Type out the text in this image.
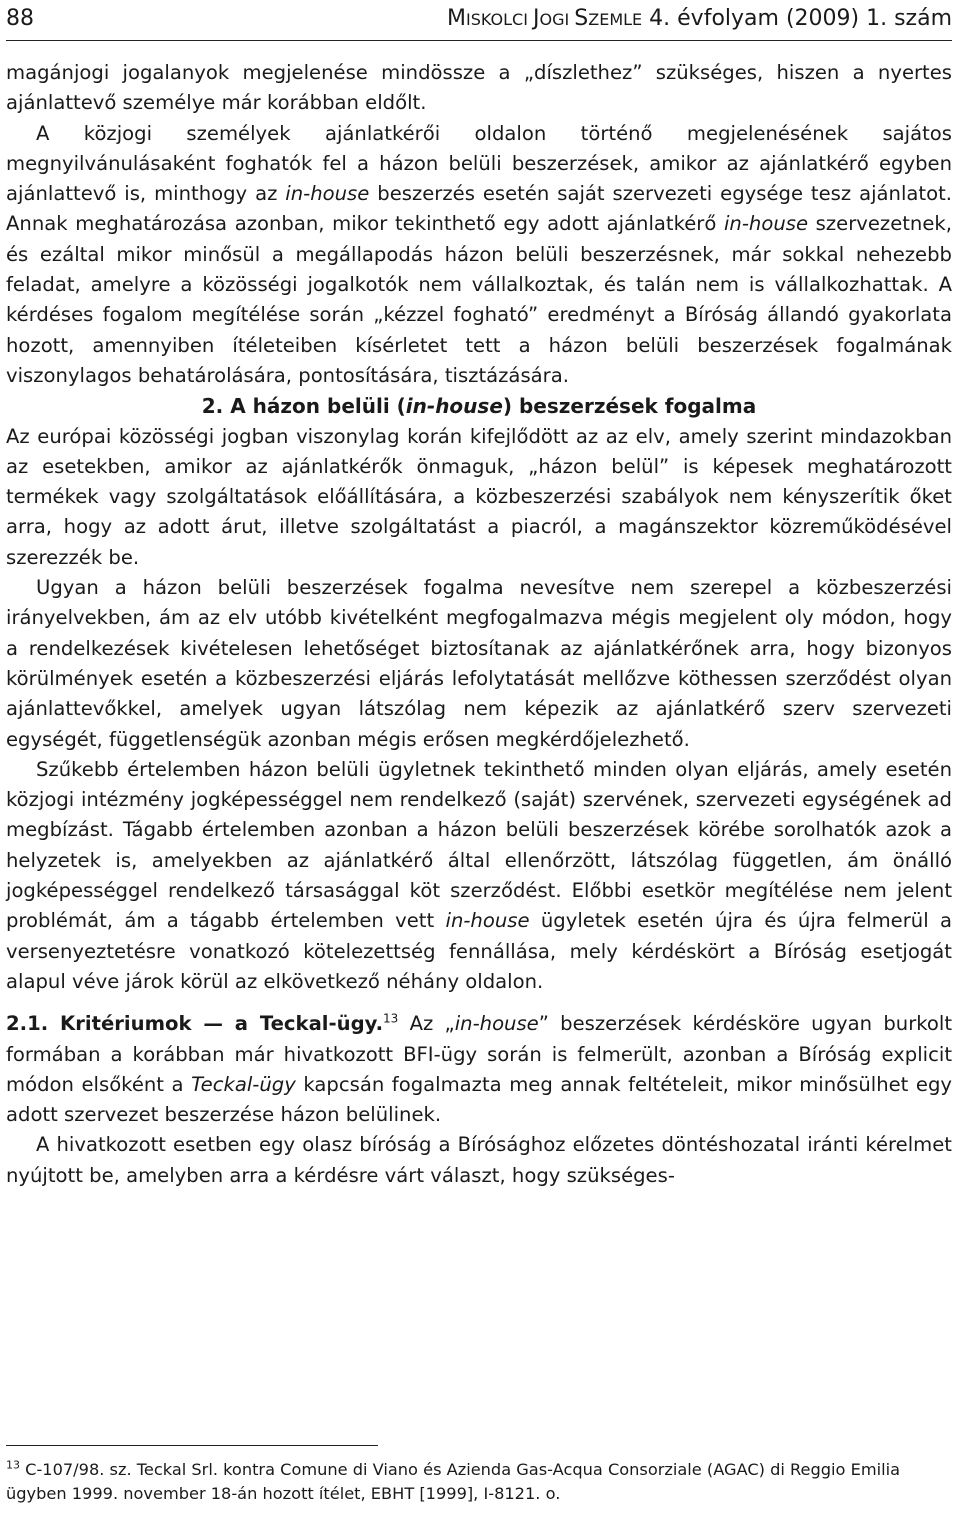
88	MISKOLCI JOGI SZEMLE 4. évfolyam (2009) 1. szám

magánjogi jogalanyok megjelenése mindössze a „díszlethez” szükséges, hiszen a nyertes ajánlattevő személye már korábban eldőlt.

A közjogi személyek ajánlatkérői oldalon történő megjelenésének sajátos megnyilvánulásaként foghatók fel a házon belüli beszerzések, amikor az ajánlatkérő egyben ajánlattevő is, minthogy az in-house beszerzés esetén saját szervezeti egysége tesz ajánlatot. Annak meghatározása azonban, mikor tekinthető egy adott ajánlatkérő in-house szervezetnek, és ezáltal mikor minősül a megállapodás házon belüli beszerzésnek, már sokkal nehezebb feladat, amelyre a közösségi jogalkotók nem vállalkoztak, és talán nem is vállalkozhattak. A kérdéses fogalom megítélése során „kézzel fogható” eredményt a Bíróság állandó gyakorlata hozott, amennyiben ítéleteiben kísérletet tett a házon belüli beszerzések fogalmának viszonylagos behatárolására, pontosítására, tisztázására.

2. A házon belüli (in-house) beszerzések fogalma

Az európai közösségi jogban viszonylag korán kifejlődött az az elv, amely szerint mindazokban az esetekben, amikor az ajánlatkérők önmaguk, „házon belül” is képesek meghatározott termékek vagy szolgáltatások előállítására, a közbeszerzési szabályok nem kényszerítik őket arra, hogy az adott árut, illetve szolgáltatást a piacról, a magánszektor közreműködésével szerezzék be.

Ugyan a házon belüli beszerzések fogalma nevesítve nem szerepel a közbeszerzési irányelvekben, ám az elv utóbb kivételként megfogalmazva mégis megjelent oly módon, hogy a rendelkezések kivételesen lehetőséget biztosítanak az ajánlatkérőnek arra, hogy bizonyos körülmények esetén a közbeszerzési eljárás lefolytatását mellőzve köthessen szerződést olyan ajánlattevőkkel, amelyek ugyan látszólag nem képezik az ajánlatkérő szerv szervezeti egységét, függetlenségük azonban mégis erősen megkérdőjelezhető.

Szűkebb értelemben házon belüli ügyletnek tekinthető minden olyan eljárás, amely esetén közjogi intézmény jogképességgel nem rendelkező (saját) szervének, szervezeti egységének ad megbízást. Tágabb értelemben azonban a házon belüli beszerzések körébe sorolhatók azok a helyzetek is, amelyekben az ajánlatkérő által ellenőrzött, látszólag független, ám önálló jogképességgel rendelkező társasággal köt szerződést. Előbbi esetkör megítélése nem jelent problémát, ám a tágabb értelemben vett in-house ügyletek esetén újra és újra felmerül a versenyeztetésre vonatkozó kötelezettség fennállása, mely kérdéskört a Bíróság esetjogát alapul véve járok körül az elkövetkező néhány oldalon.

2.1. Kritériumok — a Teckal-ügy.$^{13}$ Az „in-house” beszerzések kérdésköre ugyan burkolt formában a korábban már hivatkozott BFI-ügy során is felmerült, azonban a Bíróság explicit módon elsőként a Teckal-ügy kapcsán fogalmazta meg annak feltételeit, mikor minősülhet egy adott szervezet beszerzése házon belülinek.

A hivatkozott esetben egy olasz bíróság a Bírósághoz előzetes döntéshozatal iránti kérelmet nyújtott be, amelyben arra a kérdésre várt választ, hogy szükséges-

$^{13}$ C-107/98. sz. Teckal Srl. kontra Comune di Viano és Azienda Gas-Acqua Consorziale (AGAC) di Reggio Emilia ügyben 1999. november 18-án hozott ítélet, EBHT [1999], I-8121. o.
